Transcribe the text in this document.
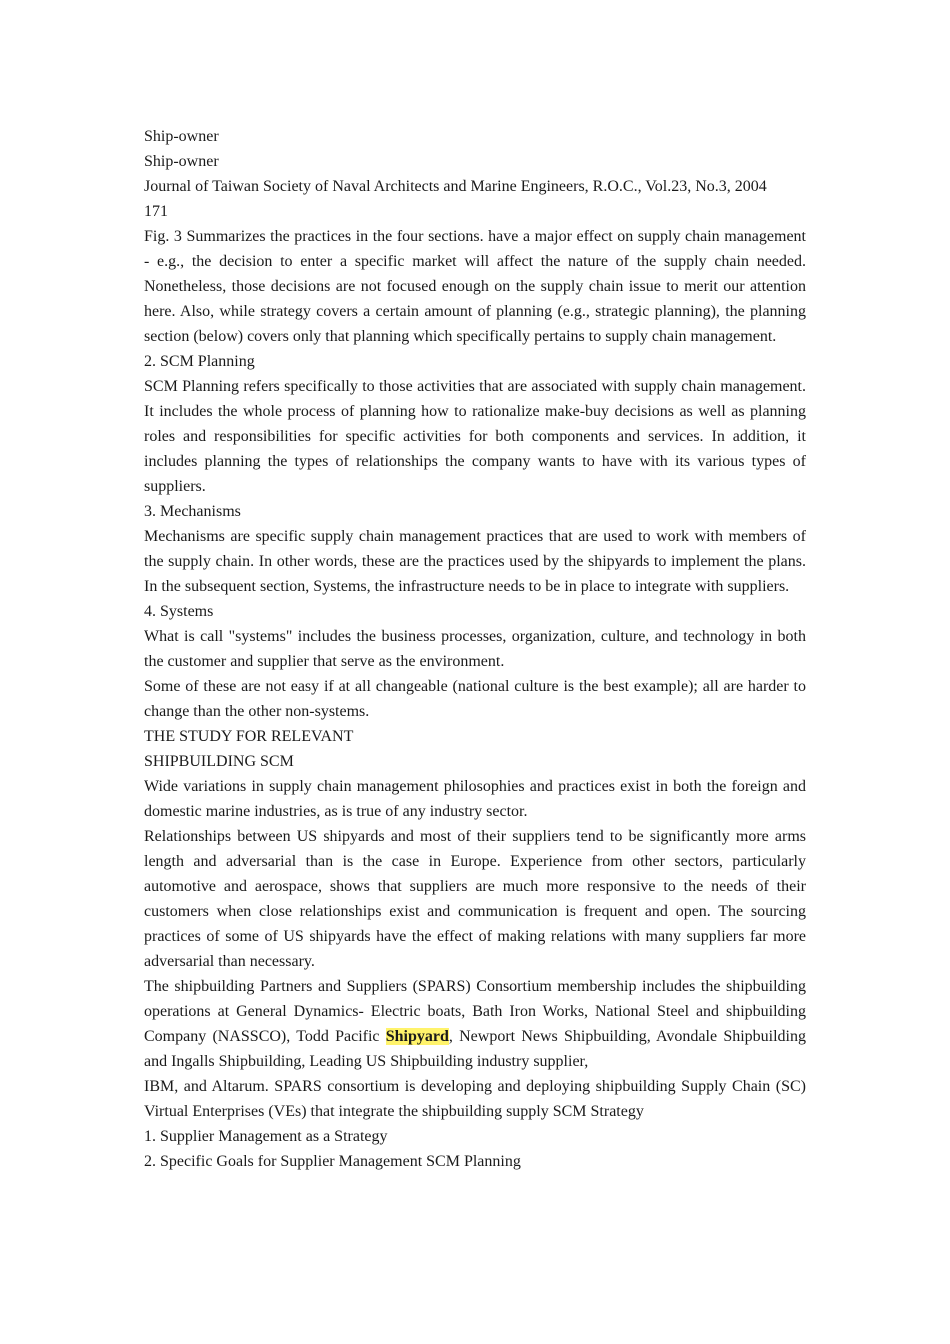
Ship-owner

Ship-owner

Journal of Taiwan Society of Naval Architects and Marine Engineers, R.O.C., Vol.23, No.3, 2004

171

Fig. 3 Summarizes the practices in the four sections. have a major effect on supply chain management - e.g., the decision to enter a specific market will affect the nature of the supply chain needed. Nonetheless, those decisions are not focused enough on the supply chain issue to merit our attention here. Also, while strategy covers a certain amount of planning (e.g., strategic planning), the planning section (below) covers only that planning which specifically pertains to supply chain management.

2. SCM Planning

SCM Planning refers specifically to those activities that are associated with supply chain management. It includes the whole process of planning how to rationalize make-buy decisions as well as planning roles and responsibilities for specific activities for both components and services. In addition, it includes planning the types of relationships the company wants to have with its various types of suppliers.

3. Mechanisms

Mechanisms are specific supply chain management practices that are used to work with members of the supply chain. In other words, these are the practices used by the shipyards to implement the plans. In the subsequent section, Systems, the infrastructure needs to be in place to integrate with suppliers.

4. Systems

What is call "systems" includes the business processes, organization, culture, and technology in both the customer and supplier that serve as the environment.

Some of these are not easy if at all changeable (national culture is the best example); all are harder to change than the other non-systems.

THE STUDY FOR RELEVANT

SHIPBUILDING SCM

Wide variations in supply chain management philosophies and practices exist in both the foreign and domestic marine industries, as is true of any industry sector.

Relationships between US shipyards and most of their suppliers tend to be significantly more arms length and adversarial than is the case in Europe. Experience from other sectors, particularly automotive and aerospace, shows that suppliers are much more responsive to the needs of their customers when close relationships exist and communication is frequent and open. The sourcing practices of some of US shipyards have the effect of making relations with many suppliers far more adversarial than necessary.

The shipbuilding Partners and Suppliers (SPARS) Consortium membership includes the shipbuilding operations at General Dynamics- Electric boats, Bath Iron Works, National Steel and shipbuilding Company (NASSCO), Todd Pacific Shipyard, Newport News Shipbuilding, Avondale Shipbuilding and Ingalls Shipbuilding, Leading US Shipbuilding industry supplier,

IBM, and Altarum. SPARS consortium is developing and deploying shipbuilding Supply Chain (SC) Virtual Enterprises (VEs) that integrate the shipbuilding supply SCM Strategy

1. Supplier Management as a Strategy

2. Specific Goals for Supplier Management SCM Planning
